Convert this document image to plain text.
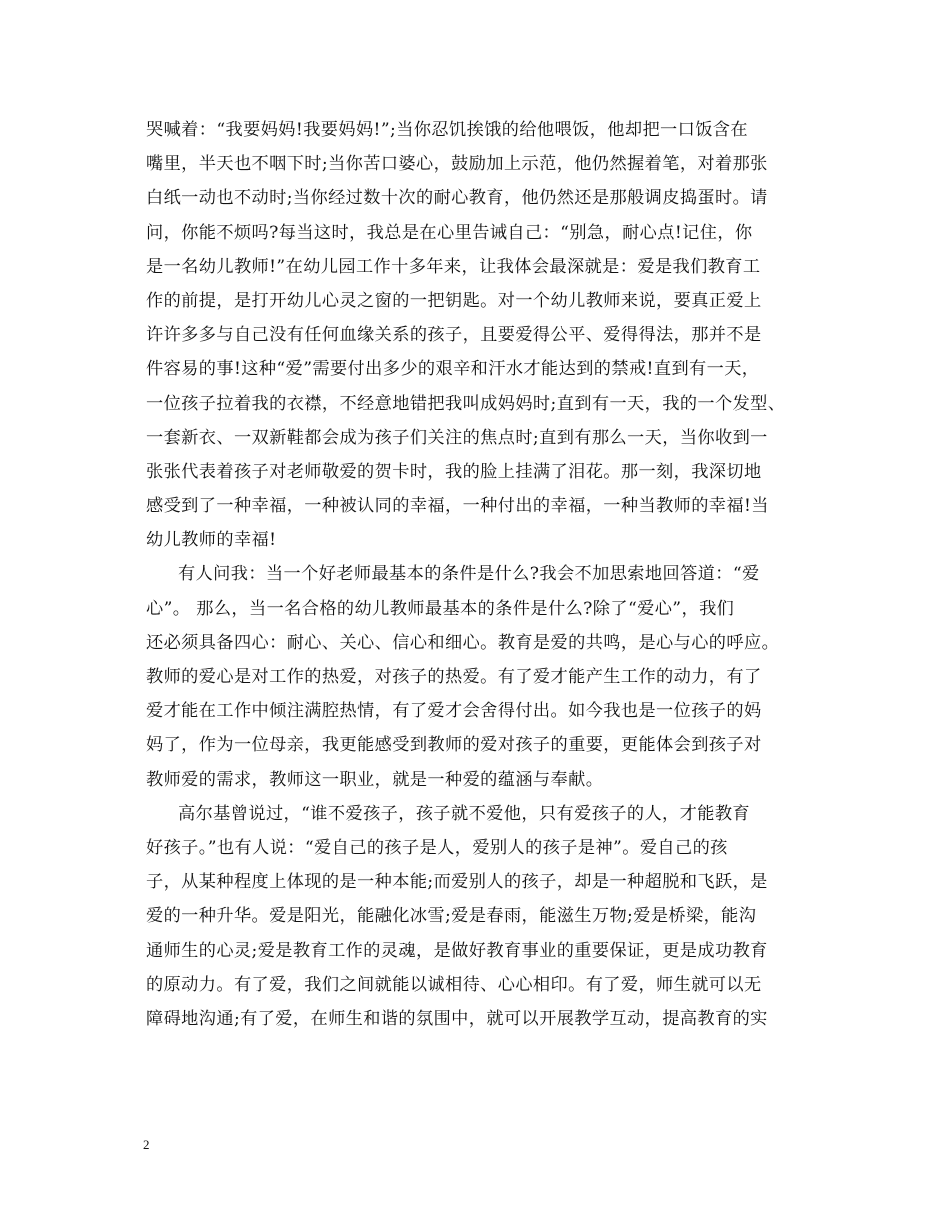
哭喊着：“我要妈妈!我要妈妈!”;当你忍饥挨饿的给他喂饭，他却把一口饭含在
嘴里，半天也不咽下时;当你苦口婆心，鼓励加上示范，他仍然握着笔，对着那张
白纸一动也不动时;当你经过数十次的耐心教育，他仍然还是那般调皮捣蛋时。请
问，你能不烦吗?每当这时，我总是在心里告诫自己：“别急，耐心点!记住，你
是一名幼儿教师!”在幼儿园工作十多年来，让我体会最深就是：爱是我们教育工
作的前提，是打开幼儿心灵之窗的一把钥匙。对一个幼儿教师来说，要真正爱上
许许多多与自己没有任何血缘关系的孩子，且要爱得公平、爱得得法，那并不是
件容易的事!这种“爱”需要付出多少的艰辛和汗水才能达到的禁戒!直到有一天，
一位孩子拉着我的衣襟，不经意地错把我叫成妈妈时;直到有一天，我的一个发型、
一套新衣、一双新鞋都会成为孩子们关注的焦点时;直到有那么一天，当你收到一
张张代表着孩子对老师敬爱的贺卡时，我的脸上挂满了泪花。那一刻，我深切地
感受到了一种幸福，一种被认同的幸福，一种付出的幸福，一种当教师的幸福!当
幼儿教师的幸福!
有人问我：当一个好老师最基本的条件是什么?我会不加思索地回答道：“爱
心”。 那么，当一名合格的幼儿教师最基本的条件是什么?除了“爱心”，我们
还必须具备四心：耐心、关心、信心和细心。教育是爱的共鸣，是心与心的呼应。
教师的爱心是对工作的热爱，对孩子的热爱。有了爱才能产生工作的动力，有了
爱才能在工作中倾注满腔热情，有了爱才会舍得付出。如今我也是一位孩子的妈
妈了，作为一位母亲，我更能感受到教师的爱对孩子的重要，更能体会到孩子对
教师爱的需求，教师这一职业，就是一种爱的蕴涵与奉献。
高尔基曾说过，“谁不爱孩子，孩子就不爱他，只有爱孩子的人，才能教育
好孩子。”也有人说：“爱自己的孩子是人，爱别人的孩子是神”。爱自己的孩
子，从某种程度上体现的是一种本能;而爱别人的孩子，却是一种超脱和飞跃，是
爱的一种升华。爱是阳光，能融化冰雪;爱是春雨，能滋生万物;爱是桥梁，能沟
通师生的心灵;爱是教育工作的灵魂，是做好教育事业的重要保证，更是成功教育
的原动力。有了爱，我们之间就能以诚相待、心心相印。有了爱，师生就可以无
障碍地沟通;有了爱，在师生和谐的氛围中，就可以开展教学互动，提高教育的实
2
